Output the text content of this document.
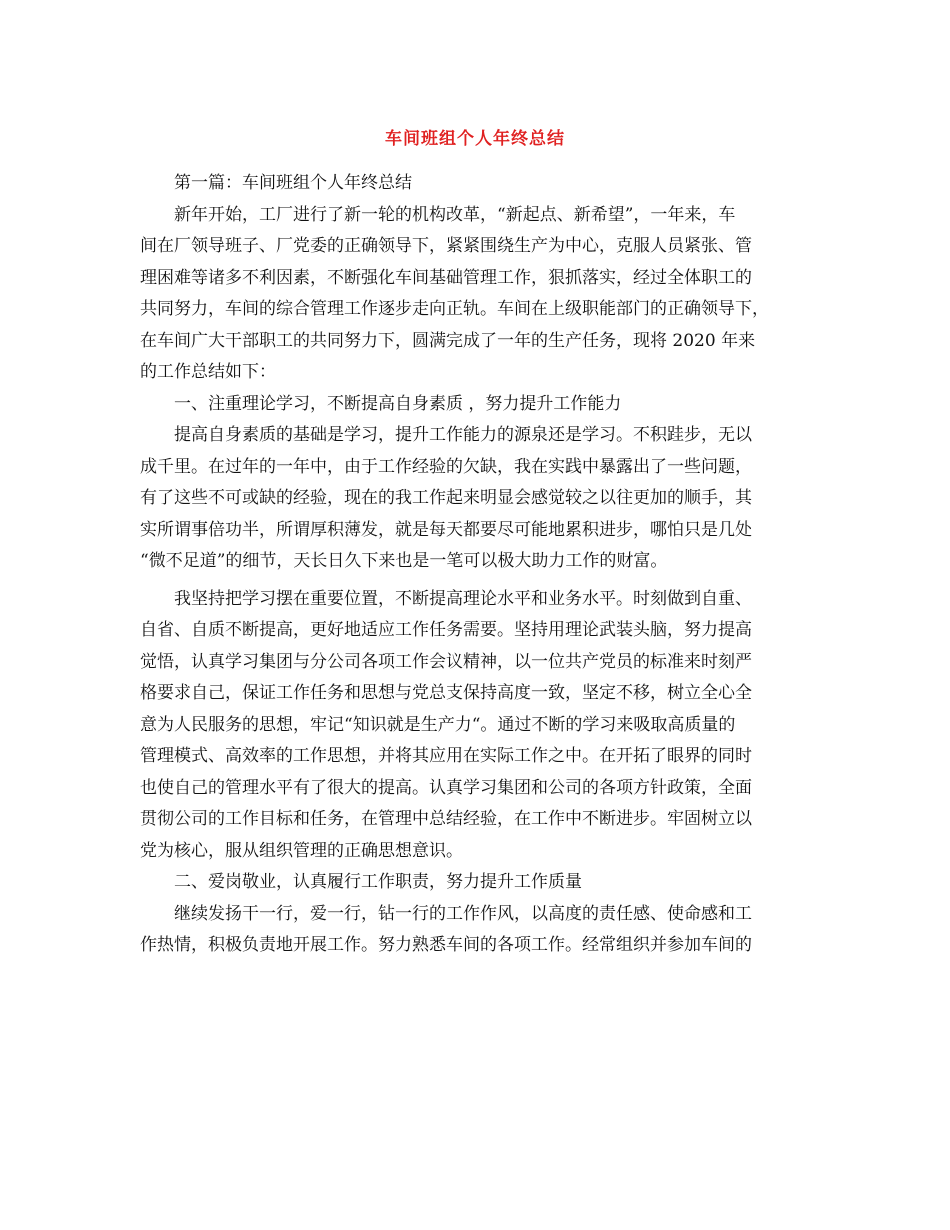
车间班组个人年终总结
　　第一篇：车间班组个人年终总结
　　新年开始，工厂进行了新一轮的机构改革，“新起点、新希望”，一年来，车
间在厂领导班子、厂党委的正确领导下，紧紧围绕生产为中心，克服人员紧张、管
理困难等诸多不利因素，不断强化车间基础管理工作，狠抓落实，经过全体职工的
共同努力，车间的综合管理工作逐步走向正轨。车间在上级职能部门的正确领导下，
在车间广大干部职工的共同努力下，圆满完成了一年的生产任务，现将 2020 年来
的工作总结如下：
　　一、注重理论学习，不断提高自身素质 ，努力提升工作能力
　　提高自身素质的基础是学习，提升工作能力的源泉还是学习。不积跬步，无以
成千里。在过年的一年中，由于工作经验的欠缺，我在实践中暴露出了一些问题，
有了这些不可或缺的经验，现在的我工作起来明显会感觉较之以往更加的顺手，其
实所谓事倍功半，所谓厚积薄发，就是每天都要尽可能地累积进步，哪怕只是几处
“微不足道”的细节，天长日久下来也是一笔可以极大助力工作的财富。
　　我坚持把学习摆在重要位置，不断提高理论水平和业务水平。时刻做到自重、
自省、自质不断提高，更好地适应工作任务需要。坚持用理论武装头脑，努力提高
觉悟，认真学习集团与分公司各项工作会议精神，以一位共产党员的标准来时刻严
格要求自己，保证工作任务和思想与党总支保持高度一致，坚定不移，树立全心全
意为人民服务的思想，牢记“知识就是生产力“。通过不断的学习来吸取高质量的
管理模式、高效率的工作思想，并将其应用在实际工作之中。在开拓了眼界的同时
也使自己的管理水平有了很大的提高。认真学习集团和公司的各项方针政策，全面
贯彻公司的工作目标和任务，在管理中总结经验，在工作中不断进步。牢固树立以
党为核心，服从组织管理的正确思想意识。
　　二、爱岗敬业，认真履行工作职责，努力提升工作质量
　　继续发扬干一行，爱一行，钻一行的工作作风，以高度的责任感、使命感和工
作热情，积极负责地开展工作。努力熟悉车间的各项工作。经常组织并参加车间的
